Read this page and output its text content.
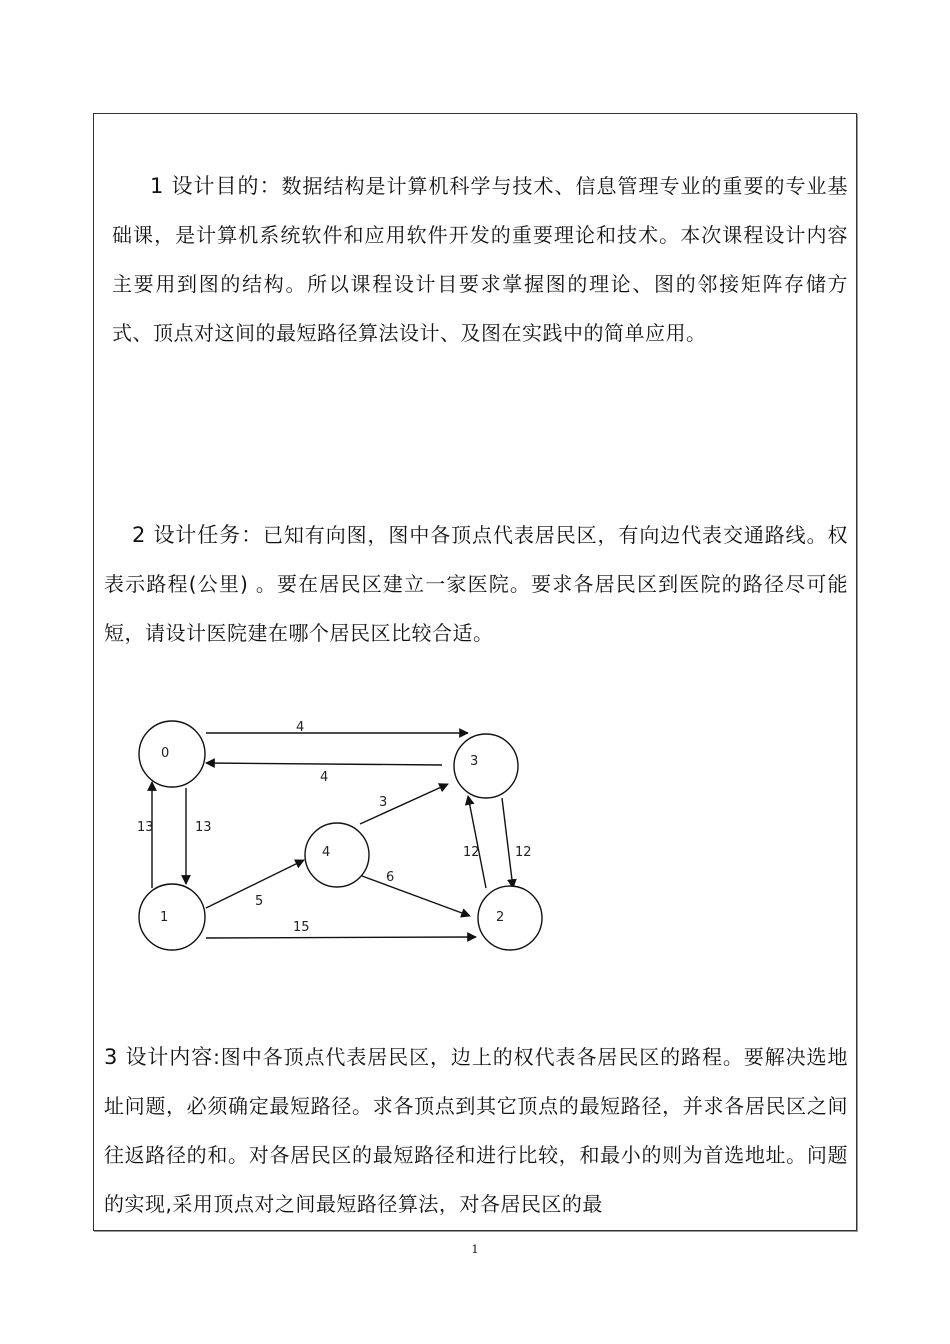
1 设计目的：数据结构是计算机科学与技术、信息管理专业的重要的专业基础课，是计算机系统软件和应用软件开发的重要理论和技术。本次课程设计内容主要用到图的结构。所以课程设计目要求掌握图的理论、图的邻接矩阵存储方式、顶点对这间的最短路径算法设计、及图在实践中的简单应用。

2 设计任务：已知有向图，图中各顶点代表居民区，有向边代表交通路线。权表示路程(公里) 。要在居民区建立一家医院。要求各居民区到医院的路径尽可能短，请设计医院建在哪个居民区比较合适。

0
1	2
3
4
4
4
13	13
3
5
6
12	12
15

3 设计内容:图中各顶点代表居民区，边上的权代表各居民区的路程。要解决选地址问题，必须确定最短路径。求各顶点到其它顶点的最短路径，并求各居民区之间往返路径的和。对各居民区的最短路径和进行比较，和最小的则为首选地址。问题的实现,采用顶点对之间最短路径算法，对各居民区的最

1
